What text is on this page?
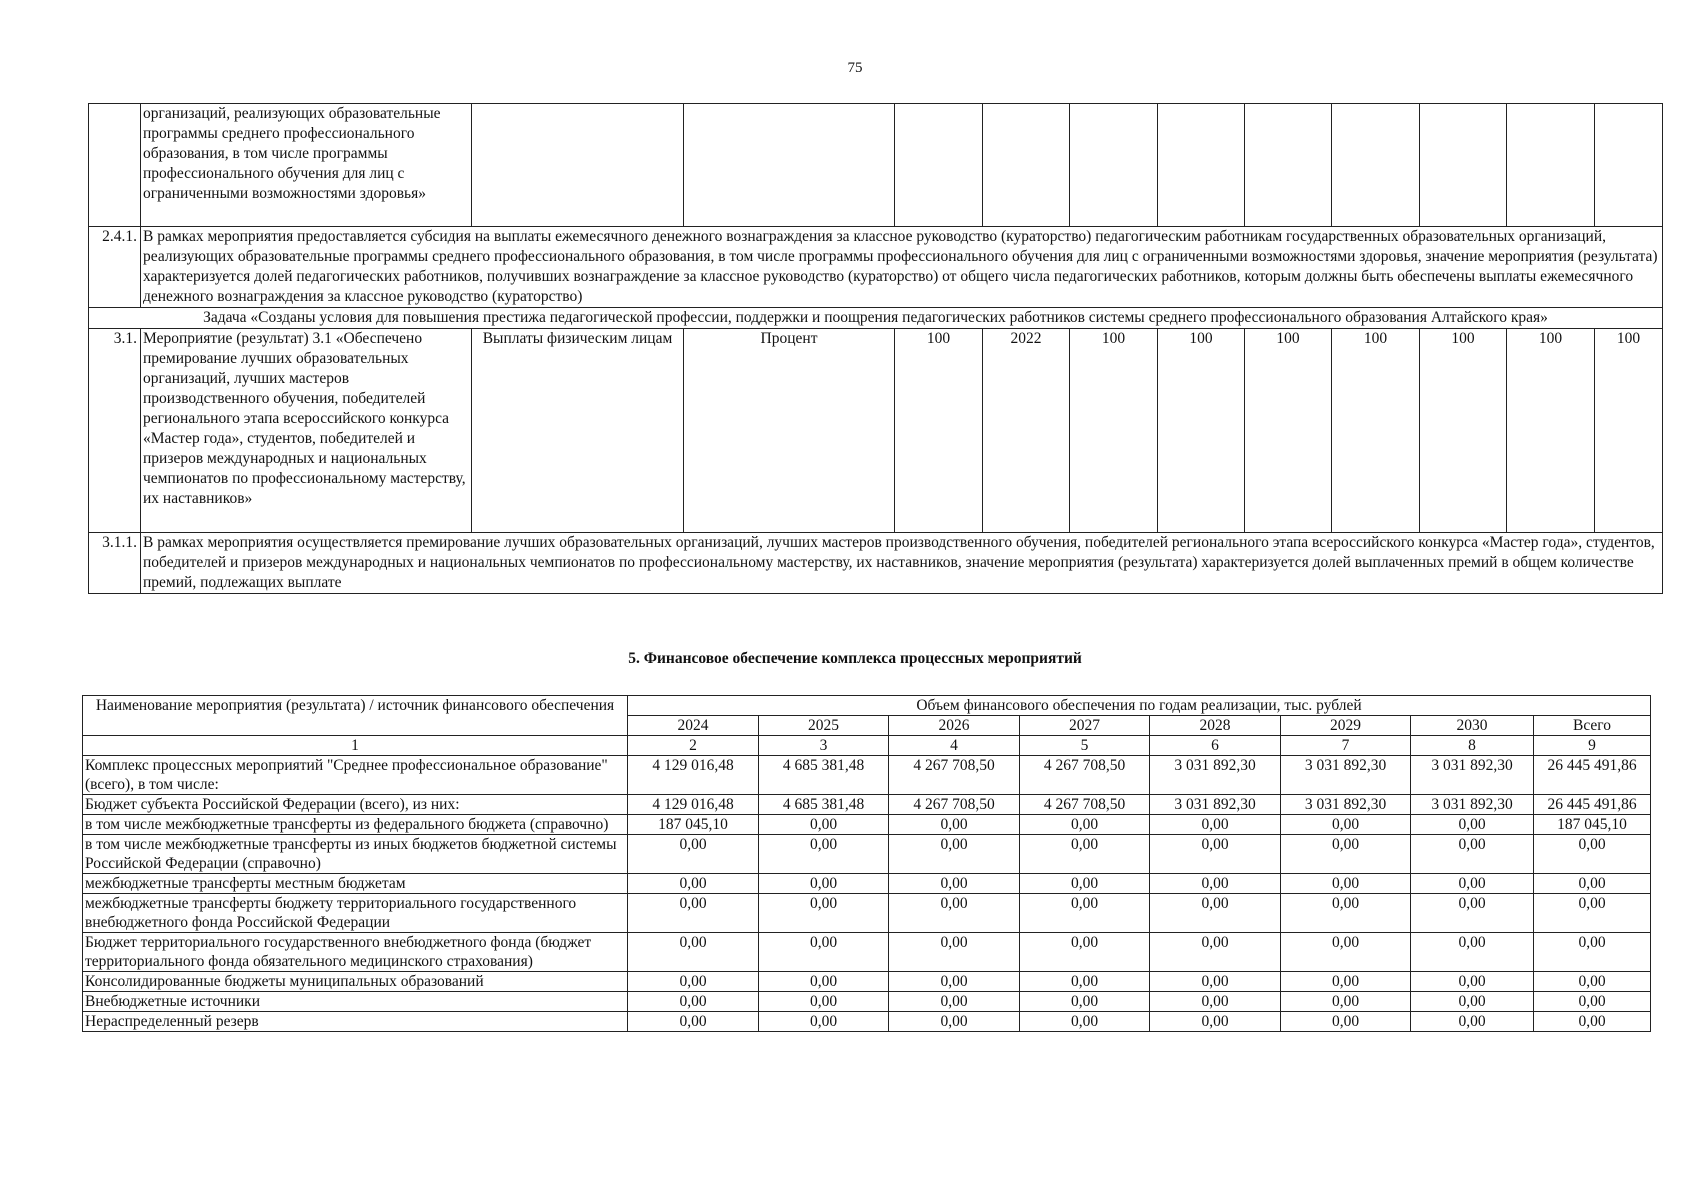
75
	организаций, реализующих образовательные программы среднего профессионального образования, в том числе программы профессионального обучения для лиц с ограниченными возможностями здоровья»											
2.4.1.	В рамках мероприятия предоставляется субсидия на выплаты ежемесячного денежного вознаграждения за классное руководство (кураторство) педагогическим работникам государственных образовательных организаций, реализующих образовательные программы среднего профессионального образования, в том числе программы профессионального обучения для лиц с ограниченными возможностями здоровья, значение мероприятия (результата) характеризуется долей педагогических работников, получивших вознаграждение за классное руководство (кураторство) от общего числа педагогических работников, которым должны быть обеспечены выплаты ежемесячного денежного вознаграждения за классное руководство (кураторство)											
Задача «Созданы условия для повышения престижа педагогической профессии, поддержки и поощрения педагогических работников системы среднего профессионального образования Алтайского края»												
3.1.	Мероприятие (результат) 3.1 «Обеспечено премирование лучших образовательных организаций, лучших мастеров производственного обучения, победителей регионального этапа всероссийского конкурса «Мастер года», студентов, победителей и призеров международных и национальных чемпионатов по профессиональному мастерству, их наставников»	Выплаты физическим лицам	Процент	100	2022	100	100	100	100	100	100	100
3.1.1.	В рамках мероприятия осуществляется премирование лучших образовательных организаций, лучших мастеров производственного обучения, победителей регионального этапа всероссийского конкурса «Мастер года», студентов, победителей и призеров международных и национальных чемпионатов по профессиональному мастерству, их наставников, значение мероприятия (результата) характеризуется долей выплаченных премий в общем количестве премий, подлежащих выплате											
5. Финансовое обеспечение комплекса процессных мероприятий
Наименование мероприятия (результата) / источник финансового обеспечения	Объем финансового обеспечения по годам реализации, тыс. рублей							
	2024	2025	2026	2027	2028	2029	2030	Всего
1	2	3	4	5	6	7	8	9
Комплекс процессных мероприятий "Среднее профессиональное образование" (всего), в том числе:	4 129 016,48	4 685 381,48	4 267 708,50	4 267 708,50	3 031 892,30	3 031 892,30	3 031 892,30	26 445 491,86
Бюджет субъекта Российской Федерации (всего), из них:	4 129 016,48	4 685 381,48	4 267 708,50	4 267 708,50	3 031 892,30	3 031 892,30	3 031 892,30	26 445 491,86
в том числе межбюджетные трансферты из федерального бюджета (справочно)	187 045,10	0,00	0,00	0,00	0,00	0,00	0,00	187 045,10
в том числе межбюджетные трансферты из иных бюджетов бюджетной системы Российской Федерации (справочно)	0,00	0,00	0,00	0,00	0,00	0,00	0,00	0,00
межбюджетные трансферты местным бюджетам	0,00	0,00	0,00	0,00	0,00	0,00	0,00	0,00
межбюджетные трансферты бюджету территориального государственного внебюджетного фонда Российской Федерации	0,00	0,00	0,00	0,00	0,00	0,00	0,00	0,00
Бюджет территориального государственного внебюджетного фонда (бюджет территориального фонда обязательного медицинского страхования)	0,00	0,00	0,00	0,00	0,00	0,00	0,00	0,00
Консолидированные бюджеты муниципальных образований	0,00	0,00	0,00	0,00	0,00	0,00	0,00	0,00
Внебюджетные источники	0,00	0,00	0,00	0,00	0,00	0,00	0,00	0,00
Нераспределенный резерв	0,00	0,00	0,00	0,00	0,00	0,00	0,00	0,00
